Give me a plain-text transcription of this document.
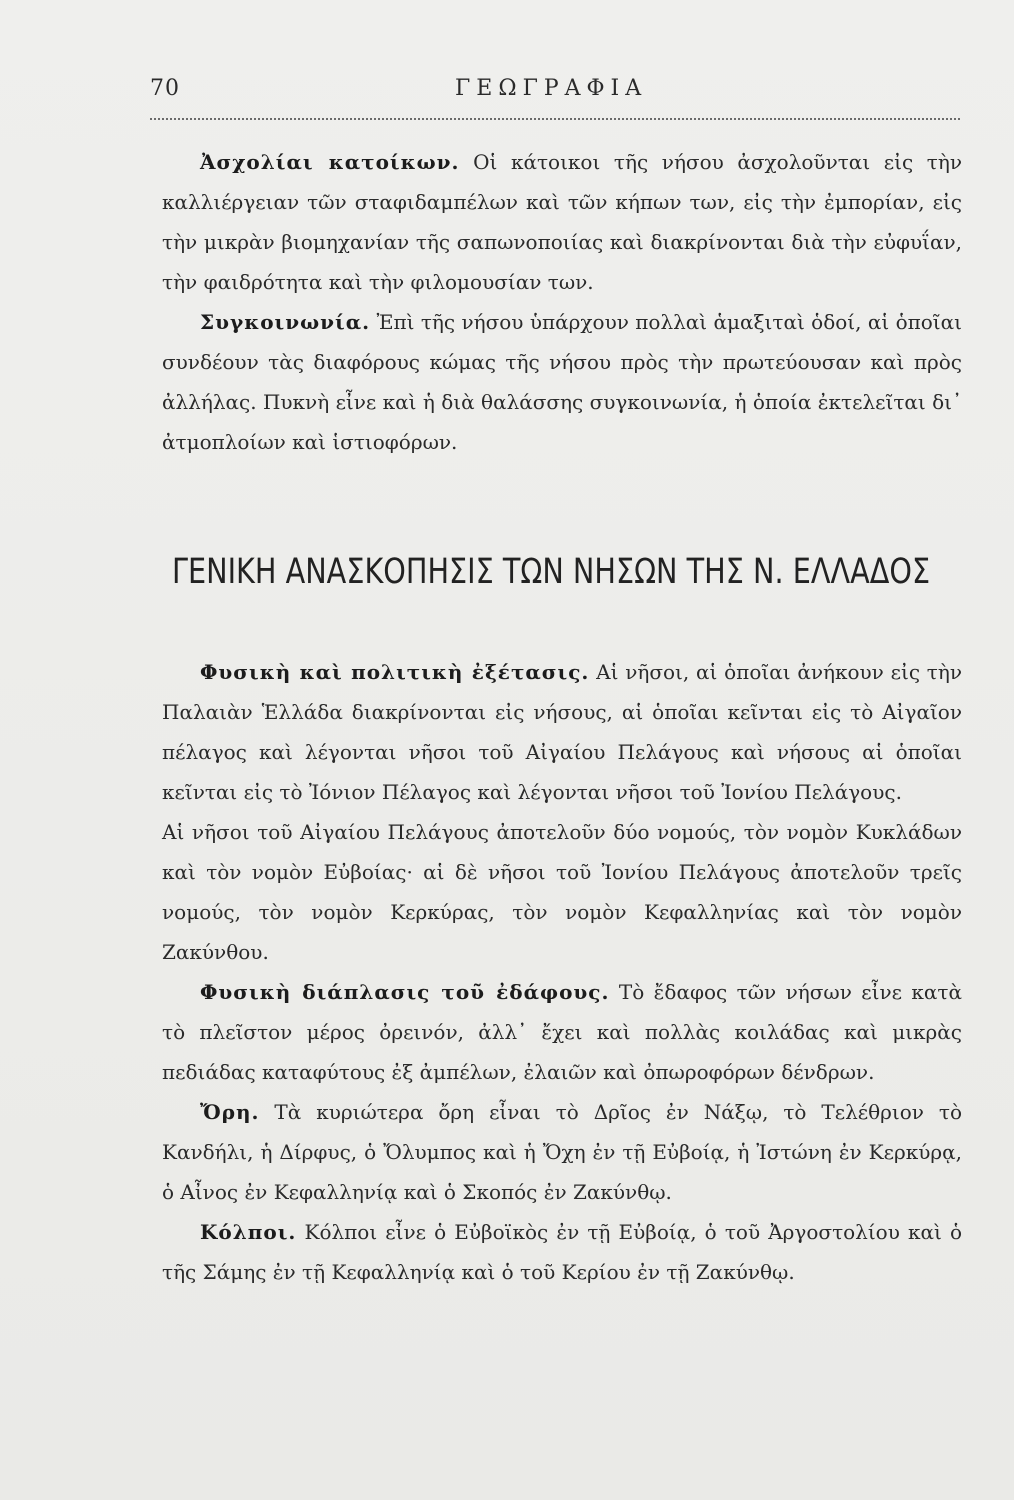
70	ΓΕΩΓΡΑΦΙΑ

Ἀσχολίαι κατοίκων. Οἱ κάτοικοι τῆς νήσου ἀσχολοῦνται εἰς τὴν καλλιέργειαν τῶν σταφιδαμπέλων καὶ τῶν κήπων των, εἰς τὴν ἐμπορίαν, εἰς τὴν μικρὰν βιομηχανίαν τῆς σαπωνοποιίας καὶ διακρίνονται διὰ τὴν εὐφυΐαν, τὴν φαιδρότητα καὶ τὴν φιλομουσίαν των.

Συγκοινωνία. Ἐπὶ τῆς νήσου ὑπάρχουν πολλαὶ ἁμαξιταὶ ὁδοί, αἱ ὁποῖαι συνδέουν τὰς διαφόρους κώμας τῆς νήσου πρὸς τὴν πρωτεύουσαν καὶ πρὸς ἀλλήλας. Πυκνὴ εἶνε καὶ ἡ διὰ θαλάσσης συγκοινωνία, ἡ ὁποία ἐκτελεῖται δι᾽ ἀτμοπλοίων καὶ ἱστιοφόρων.

ΓΕΝΙΚΗ ΑΝΑΣΚΟΠΗΣΙΣ ΤΩΝ ΝΗΣΩΝ ΤΗΣ Ν. ΕΛΛΑΔΟΣ

Φυσικὴ καὶ πολιτικὴ ἐξέτασις. Αἱ νῆσοι, αἱ ὁποῖαι ἀνήκουν εἰς τὴν Παλαιὰν Ἑλλάδα διακρίνονται εἰς νήσους, αἱ ὁποῖαι κεῖνται εἰς τὸ Αἰγαῖον πέλαγος καὶ λέγονται νῆσοι τοῦ Αἰγαίου Πελάγους καὶ νήσους αἱ ὁποῖαι κεῖνται εἰς τὸ Ἰόνιον Πέλαγος καὶ λέγονται νῆσοι τοῦ Ἰονίου Πελάγους.

Αἱ νῆσοι τοῦ Αἰγαίου Πελάγους ἀποτελοῦν δύο νομούς, τὸν νομὸν Κυκλάδων καὶ τὸν νομὸν Εὐβοίας· αἱ δὲ νῆσοι τοῦ Ἰονίου Πελάγους ἀποτελοῦν τρεῖς νομούς, τὸν νομὸν Κερκύρας, τὸν νομὸν Κεφαλληνίας καὶ τὸν νομὸν Ζακύνθου.

Φυσικὴ διάπλασις τοῦ ἐδάφους. Τὸ ἔδαφος τῶν νήσων εἶνε κατὰ τὸ πλεῖστον μέρος ὀρεινόν, ἀλλ᾽ ἔχει καὶ πολλὰς κοιλάδας καὶ μικρὰς πεδιάδας καταφύτους ἐξ ἀμπέλων, ἐλαιῶν καὶ ὀπωροφόρων δένδρων.

Ὄρη. Τὰ κυριώτερα ὄρη εἶναι τὸ Δρῖος ἐν Νάξῳ, τὸ Τελέθριον τὸ Κανδήλι, ἡ Δίρφυς, ὁ Ὄλυμπος καὶ ἡ Ὄχη ἐν τῇ Εὐβοίᾳ, ἡ Ἰστώνη ἐν Κερκύρᾳ, ὁ Αἶνος ἐν Κεφαλληνίᾳ καὶ ὁ Σκοπός ἐν Ζακύνθῳ.

Κόλποι. Κόλποι εἶνε ὁ Εὐβοϊκὸς ἐν τῇ Εὐβοίᾳ, ὁ τοῦ Ἀργοστολίου καὶ ὁ τῆς Σάμης ἐν τῇ Κεφαλληνίᾳ καὶ ὁ τοῦ Κερίου ἐν τῇ Ζακύνθῳ.
